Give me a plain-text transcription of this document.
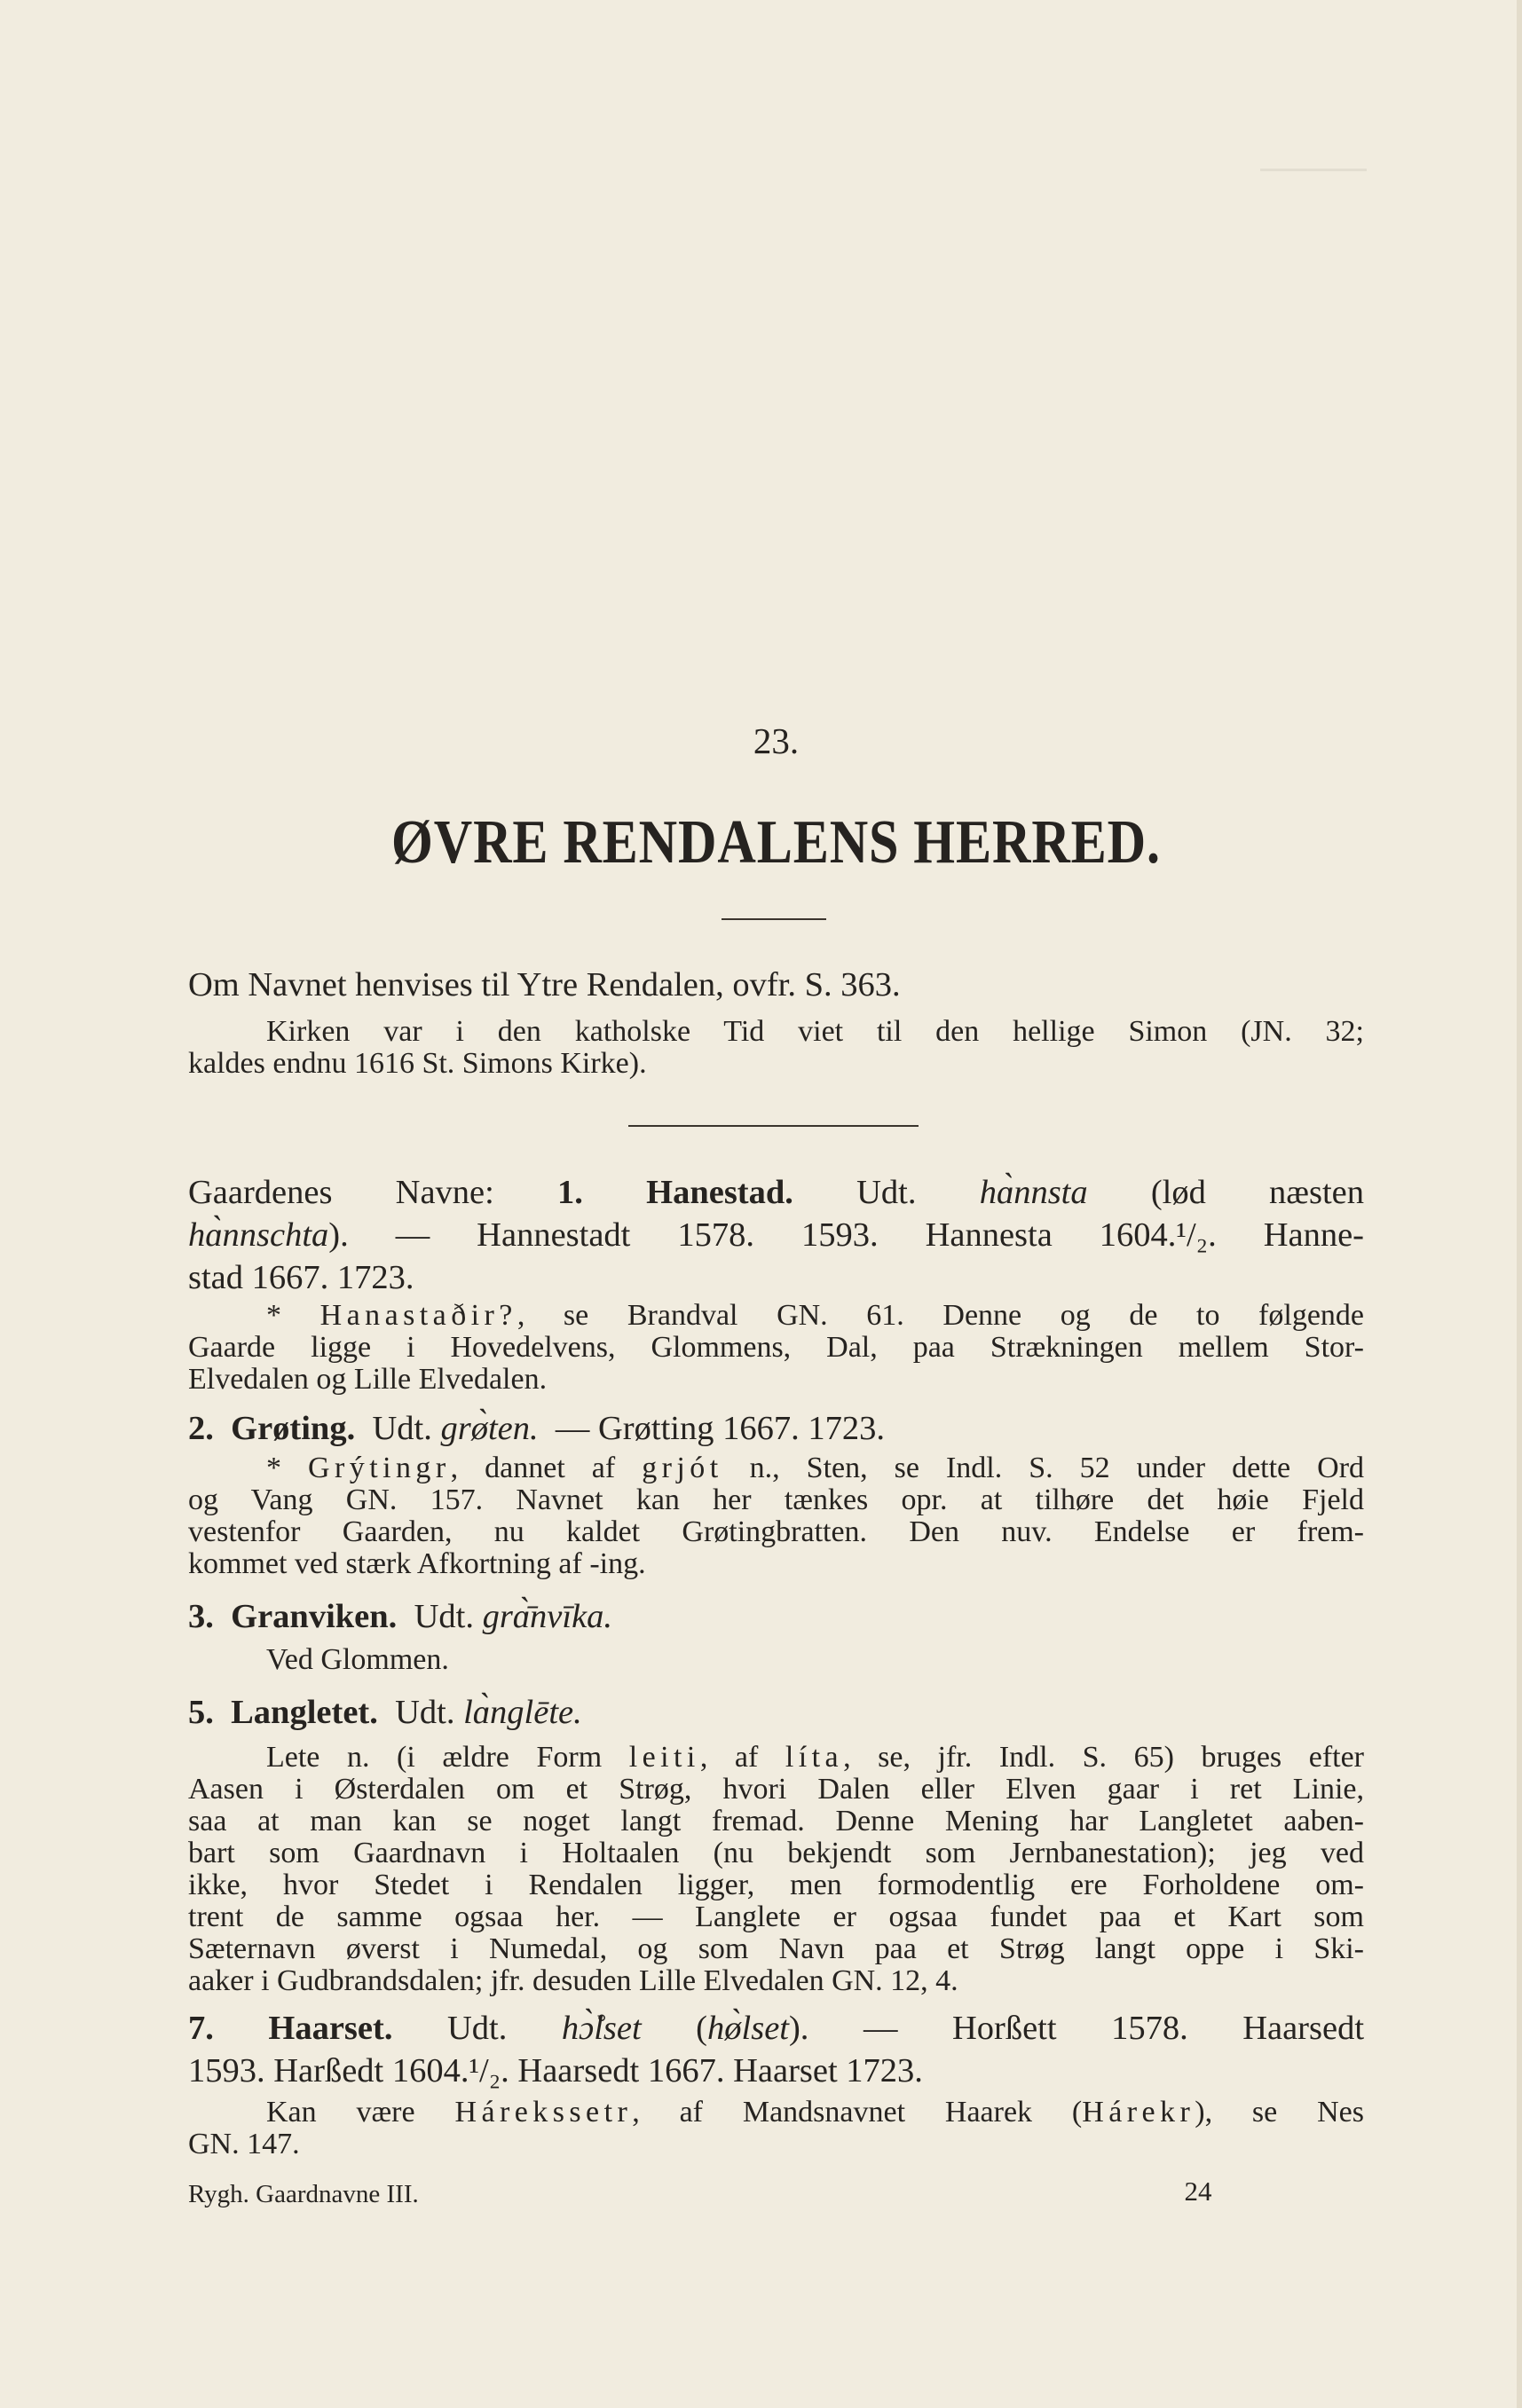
23.
ØVRE RENDALENS HERRED.
Om Navnet henvises til Ytre Rendalen, ovfr. S. 363.
Kirken var i den katholske Tid viet til den hellige Simon (JN. 32;
kaldes endnu 1616 St. Simons Kirke).
Gaardenes Navne: 1. Hanestad. Udt. hɑ̀nnsta (lød næsten
hɑ̀nnschta). — Hannestadt 1578. 1593. Hannesta 1604.¹/₂. Hanne-
stad 1667. 1723.
* Hanastaðir?, se Brandval GN. 61. Denne og de to følgende
Gaarde ligge i Hovedelvens, Glommens, Dal, paa Strækningen mellem Stor-
Elvedalen og Lille Elvedalen.
2. Grøting. Udt. grø̀ten. — Grøtting 1667. 1723.
* Grýtingr, dannet af grjót n., Sten, se Indl. S. 52 under dette Ord
og Vang GN. 157. Navnet kan her tænkes opr. at tilhøre det høie Fjeld
vestenfor Gaarden, nu kaldet Grøtingbratten. Den nuv. Endelse er frem-
kommet ved stærk Afkortning af -ing.
3. Granviken. Udt. grɑ̄̀nvīka.
Ved Glommen.
5. Langletet. Udt. lɑ̀nglēte.
Lete n. (i ældre Form leiti, af líta, se, jfr. Indl. S. 65) bruges efter
Aasen i Østerdalen om et Strøg, hvori Dalen eller Elven gaar i ret Linie,
saa at man kan se noget langt fremad. Denne Mening har Langletet aaben-
bart som Gaardnavn i Holtaalen (nu bekjendt som Jernbanestation); jeg ved
ikke, hvor Stedet i Rendalen ligger, men formodentlig ere Forholdene om-
trent de samme ogsaa her. — Langlete er ogsaa fundet paa et Kart som
Sæternavn øverst i Numedal, og som Navn paa et Strøg langt oppe i Ski-
aaker i Gudbrandsdalen; jfr. desuden Lille Elvedalen GN. 12, 4.
7. Haarset. Udt. hɔ̊̀lset (hø̀lset). — Horßett 1578. Haarsedt
1593. Harßedt 1604.¹/₂. Haarsedt 1667. Haarset 1723.
Kan være Hárekssetr, af Mandsnavnet Haarek (Hárekr), se Nes
GN. 147.
Rygh. Gaardnavne III.	24
